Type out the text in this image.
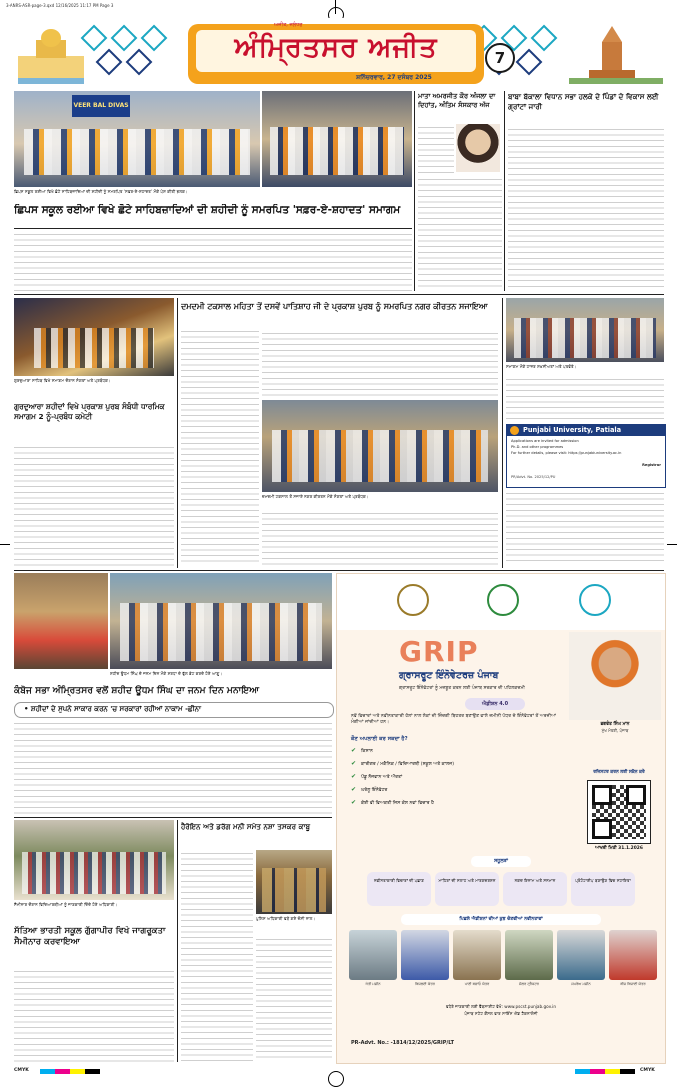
3-ANRS-ASR-page-3.qxd 12/16/2025 11:17 PM Page 3
ਅਜੀਤ, ਜਲੰਧਰ
ਅੰਮ੍ਰਿਤਸਰ ਅਜੀਤ
ਸ਼ਨਿੱਚਰਵਾਰ, 27 ਦਸੰਬਰ 2025
7
VEER BAL DIVAS
ਛਿਪਸ ਸਕੂਲ ਰਈਆ ਵਿਖੇ ਛੋਟੇ ਸਾਹਿਬਜ਼ਾਦਿਆਂ ਦੀ ਸ਼ਹੀਦੀ ਨੂੰ ਸਮਰਪਿਤ 'ਸਫ਼ਰ-ਏ-ਸ਼ਹਾਦਤ' ਮੌਕੇ ਪੇਸ਼ ਕੀਤੀ ਝਲਕ।
ਛਿਪਸ ਸਕੂਲ ਰਈਆ ਵਿਖੇ ਛੋਟੇ ਸਾਹਿਬਜ਼ਾਦਿਆਂ ਦੀ ਸ਼ਹੀਦੀ ਨੂੰ ਸਮਰਪਿਤ 'ਸਫ਼ਰ-ਏ-ਸ਼ਹਾਦਤ' ਸਮਾਗਮ
ਮਾਤਾ ਅਮਰਜੀਤ ਕੌਰ ਅੰਜਲਾ ਦਾ ਦਿਹਾਂਤ, ਅੰਤਿਮ ਸੰਸਕਾਰ ਅੱਜ
ਬਾਬਾ ਬੱਕਾਲਾ ਵਿਧਾਨ ਸਭਾ ਹਲਕੇ ਦੇ ਪਿੰਡਾਂ ਦੇ ਵਿਕਾਸ ਲਈ ਗ੍ਰਾਂਟਾਂ ਜਾਰੀ
ਗੁਰਦੁਆਰਾ ਸਾਹਿਬ ਵਿਖੇ ਸਮਾਗਮ ਦੌਰਾਨ ਸੰਗਤਾਂ ਅਤੇ ਪ੍ਰਬੰਧਕ।
ਗੁਰਦੁਆਰਾ ਸ਼ਹੀਦਾਂ ਵਿਖੇ ਪ੍ਰਕਾਸ਼ ਪੁਰਬ ਸੰਬੰਧੀ ਧਾਰਮਿਕ ਸਮਾਗਮ 2 ਨੂੰ-ਪ੍ਰਬੰਧ ਕਮੇਟੀ
ਦਮਦਮੀ ਟਕਸਾਲ ਮਹਿਤਾ ਤੋਂ ਦਸਵੇਂ ਪਾਤਿਸ਼ਾਹ ਜੀ ਦੇ ਪ੍ਰਕਾਸ਼ ਪੁਰਬ ਨੂੰ ਸਮਰਪਿਤ ਨਗਰ ਕੀਰਤਨ ਸਜਾਇਆ
ਦਮਦਮੀ ਟਕਸਾਲ ਤੋਂ ਸਜਾਏ ਨਗਰ ਕੀਰਤਨ ਮੌਕੇ ਸੰਗਤਾਂ ਅਤੇ ਪ੍ਰਬੰਧਕ।
ਸਮਾਗਮ ਮੌਕੇ ਹਾਜ਼ਰ ਸ਼ਖ਼ਸੀਅਤਾਂ ਅਤੇ ਪਤਵੰਤੇ।
Punjabi University, Patiala
Applications are invited for admission
Ph.D. and other programmes
For further details, please visit: https://punjabiuniversity.ac.in
Registrar
PR/Advt. No. 2025/12/PU
ਸ਼ਹੀਦ ਊਧਮ ਸਿੰਘ ਦੇ ਜਨਮ ਦਿਨ ਮੌਕੇ ਸ਼ਰਧਾ ਦੇ ਫੁੱਲ ਭੇਟ ਕਰਦੇ ਹੋਏ ਆਗੂ।
ਕੰਬੋਜ ਸਭਾ ਅੰਮ੍ਰਿਤਸਰ ਵਲੋਂ ਸ਼ਹੀਦ ਊਧਮ ਸਿੰਘ ਦਾ ਜਨਮ ਦਿਨ ਮਨਾਇਆ
• ਸ਼ਹੀਦਾਂ ਦੇ ਸੁਪਨੇ ਸਾਕਾਰ ਕਰਨ 'ਚ ਸਰਕਾਰਾਂ ਰਹੀਆਂ ਨਾਕਾਮ -ਛੀਨਾ
ਸੈਮੀਨਾਰ ਦੌਰਾਨ ਵਿਦਿਆਰਥੀਆਂ ਨੂੰ ਜਾਣਕਾਰੀ ਦਿੰਦੇ ਹੋਏ ਅਧਿਕਾਰੀ।
ਸੱਤਿਆ ਭਾਰਤੀ ਸਕੂਲ ਗੁੱਗਾਪੀਰ ਵਿਖੇ ਜਾਗਰੂਕਤਾ ਸੈਮੀਨਾਰ ਕਰਵਾਇਆ
ਹੈਰੋਇਨ ਅਤੇ ਡਰੱਗ ਮਨੀ ਸਮੇਤ ਨਸ਼ਾ ਤਸਕਰ ਕਾਬੂ
ਪੁਲਿਸ ਅਧਿਕਾਰੀ ਫੜੇ ਗਏ ਦੋਸ਼ੀ ਨਾਲ।
GRIP
ਗ੍ਰਾਸਰੂਟ ਇੰਨੋਵੇਟਰਜ਼ ਪੰਜਾਬ
ਗ੍ਰਾਸਰੂਟ ਇੰਨੋਵੇਟਰਾਂ ਨੂੰ ਮਜ਼ਬੂਤ ਕਰਨ ਲਈ ਪੰਜਾਬ ਸਰਕਾਰ ਦੀ ਪਹਿਲਕਦਮੀ
ਭਗਵੰਤ ਸਿੰਘ ਮਾਨ
ਮੁੱਖ ਮੰਤਰੀ, ਪੰਜਾਬ
ਐਡੀਸ਼ਨ 4.0
ਨਵੇਂ ਵਿਚਾਰਾਂ ਅਤੇ ਨਵੀਨਤਾਕਾਰੀ ਹੱਲਾਂ ਨਾਲ ਲੋਕਾਂ ਦੀ ਜ਼ਿੰਦਗੀ ਬਿਹਤਰ ਬਣਾਉਣ ਵਾਲੇ ਜ਼ਮੀਨੀ ਪੱਧਰ ਦੇ ਇੰਨੋਵੇਟਰਾਂ ਤੋਂ ਅਰਜ਼ੀਆਂ ਮੰਗੀਆਂ ਜਾਂਦੀਆਂ ਹਨ।
ਕੌਣ ਅਪਲਾਈ ਕਰ ਸਕਦਾ ਹੈ?
✔ ਕਿਸਾਨ
✔ ਕਾਰੀਗਰ / ਮਕੈਨਿਕ / ਵਿਦਿਆਰਥੀ (ਸਕੂਲ ਅਤੇ ਕਾਲਜ)
✔ ਪੇਂਡੂ ਨੌਜਵਾਨ ਅਤੇ ਔਰਤਾਂ
✔ ਘਰੇਲੂ ਇੰਨੋਵੇਟਰ
✔ ਕੋਈ ਵੀ ਵਿਅਕਤੀ ਜਿਸ ਕੋਲ ਨਵਾਂ ਵਿਚਾਰ ਹੈ
ਰਜਿਸਟਰ ਕਰਨ ਲਈ ਸਕੈਨ ਕਰੋ
ਆਖਰੀ ਮਿਤੀ 31.1.2026
ਸਹੂਲਤਾਂ
ਨਵੀਨਤਾਕਾਰੀ ਵਿਚਾਰਾਂ ਦੀ ਪਛਾਣ	ਮਾਹਿਰਾਂ ਦੀ ਸਲਾਹ ਅਤੇ ਮਾਰਗਦਰਸ਼ਨ	ਨਕਦ ਇਨਾਮ ਅਤੇ ਸਨਮਾਨ	ਪ੍ਰੋਟੋਟਾਈਪ ਬਣਾਉਣ ਵਿਚ ਸਹਾਇਤਾ
ਪਿਛਲੇ ਐਡੀਸ਼ਨਾਂ ਦੀਆਂ ਕੁਝ ਚੋਣਵੀਆਂ ਨਵੀਨਤਾਵਾਂ
ਖੇਤੀ ਮਸ਼ੀਨ	ਬਿਜਲਈ ਯੰਤਰ	ਪਾਣੀ ਬਚਾਓ ਯੰਤਰ	ਸੋਲਰ ਟ੍ਰੈਕਟਰ	ਸਪਰੇਅ ਮਸ਼ੀਨ	ਬੀਜ ਬਿਜਾਈ ਯੰਤਰ
ਵਧੇਰੇ ਜਾਣਕਾਰੀ ਲਈ ਵੈੱਬਸਾਈਟ ਵੇਖੋ: www.pscst.punjab.gov.in
ਪੰਜਾਬ ਸਟੇਟ ਕੌਂਸਲ ਫਾਰ ਸਾਇੰਸ ਐਂਡ ਟੈਕਨਾਲੋਜੀ
PR-Advt. No.: -1814/12/2025/GRIP/LT
CMYK	CMYK
